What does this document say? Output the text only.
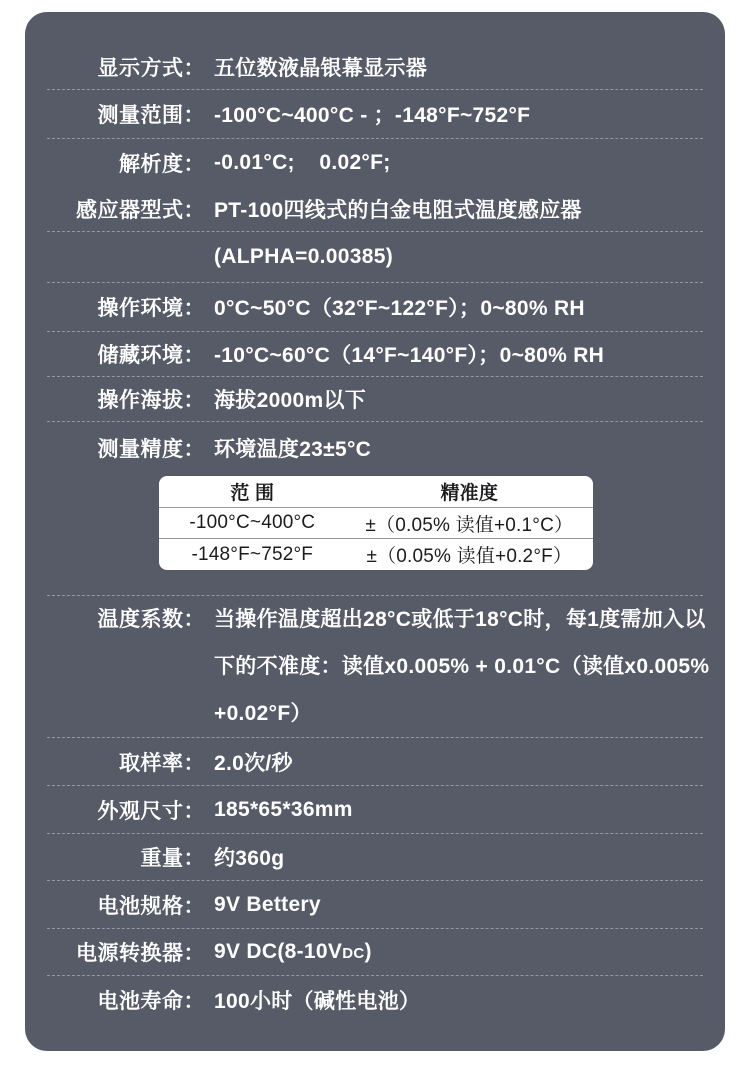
显示方式： 五位数液晶银幕显示器
测量范围： -100°C~400°C - ；-148°F~752°F
解析度： -0.01°C;    0.02°F;
感应器型式： PT-100四线式的白金电阻式温度感应器
(ALPHA=0.00385)
操作环境： 0°C~50°C（32°F~122°F）；0~80% RH
储藏环境： -10°C~60°C（14°F~140°F）；0~80% RH
操作海拔： 海拔2000m以下
测量精度： 环境温度23±5°C
范 围	精准度
-100°C~400°C	±（0.05% 读值+0.1°C）
-148°F~752°F	±（0.05% 读值+0.2°F）
温度系数： 当操作温度超出28°C或低于18°C时，每1度需加入以
下的不准度：读值x0.005% + 0.01°C（读值x0.005%
+0.02°F）
取样率： 2.0次/秒
外观尺寸： 185*65*36mm
重量： 约360g
电池规格： 9V Bettery
电源转换器： 9V DC(8-10VDC)
电池寿命： 100小时（碱性电池）
